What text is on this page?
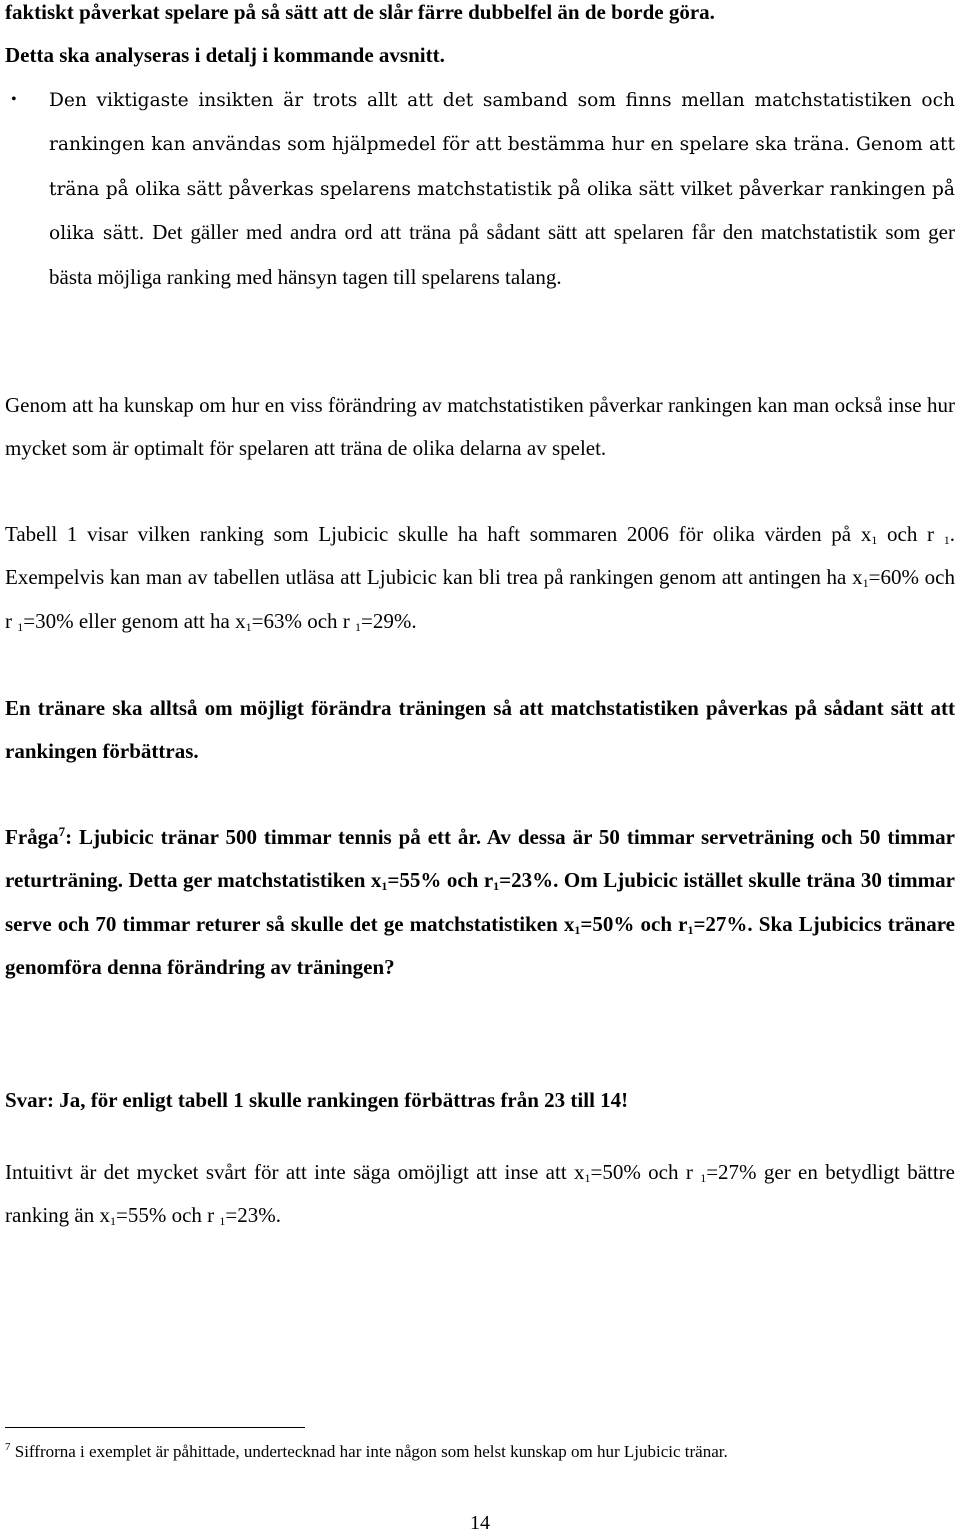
faktiskt påverkat spelare på så sätt att de slår färre dubbelfel än de borde göra.
Detta ska analyseras i detalj i kommande avsnitt.

• Den viktigaste insikten är trots allt att det samband som finns mellan matchstatistiken och rankingen kan användas som hjälpmedel för att bestämma hur en spelare ska träna. Genom att träna på olika sätt påverkas spelarens matchstatistik på olika sätt vilket påverkar rankingen på olika sätt. Det gäller med andra ord att träna på sådant sätt att spelaren får den matchstatistik som ger bästa möjliga ranking med hänsyn tagen till spelarens talang.

Genom att ha kunskap om hur en viss förändring av matchstatistiken påverkar rankingen kan man också inse hur mycket som är optimalt för spelaren att träna de olika delarna av spelet.

Tabell 1 visar vilken ranking som Ljubicic skulle ha haft sommaren 2006 för olika värden på $x_1$ och r $_1$. Exempelvis kan man av tabellen utläsa att Ljubicic kan bli trea på rankingen genom att antingen ha $x_1=60\%$ och r $_1$=30% eller genom att ha $x_1=63\%$ och r $_1$=29%.

En tränare ska alltså om möjligt förändra träningen så att matchstatistiken påverkas på sådant sätt att rankingen förbättras.

Fråga$^7$: Ljubicic tränar 500 timmar tennis på ett år. Av dessa är 50 timmar serveträning och 50 timmar returträning. Detta ger matchstatistiken $x_1=55\%$ och $r_1=23\%$. Om Ljubicic istället skulle träna 30 timmar serve och 70 timmar returer så skulle det ge matchstatistiken $x_1=50\%$ och $r_1=27\%$. Ska Ljubicics tränare genomföra denna förändring av träningen?

Svar: Ja, för enligt tabell 1 skulle rankingen förbättras från 23 till 14!

Intuitivt är det mycket svårt för att inte säga omöjligt att inse att $x_1=50\%$ och r $_1$=27% ger en betydligt bättre ranking än $x_1=55\%$ och r $_1$=23%.

$^7$ Siffrorna i exemplet är påhittade, undertecknad har inte någon som helst kunskap om hur Ljubicic tränar.

14
